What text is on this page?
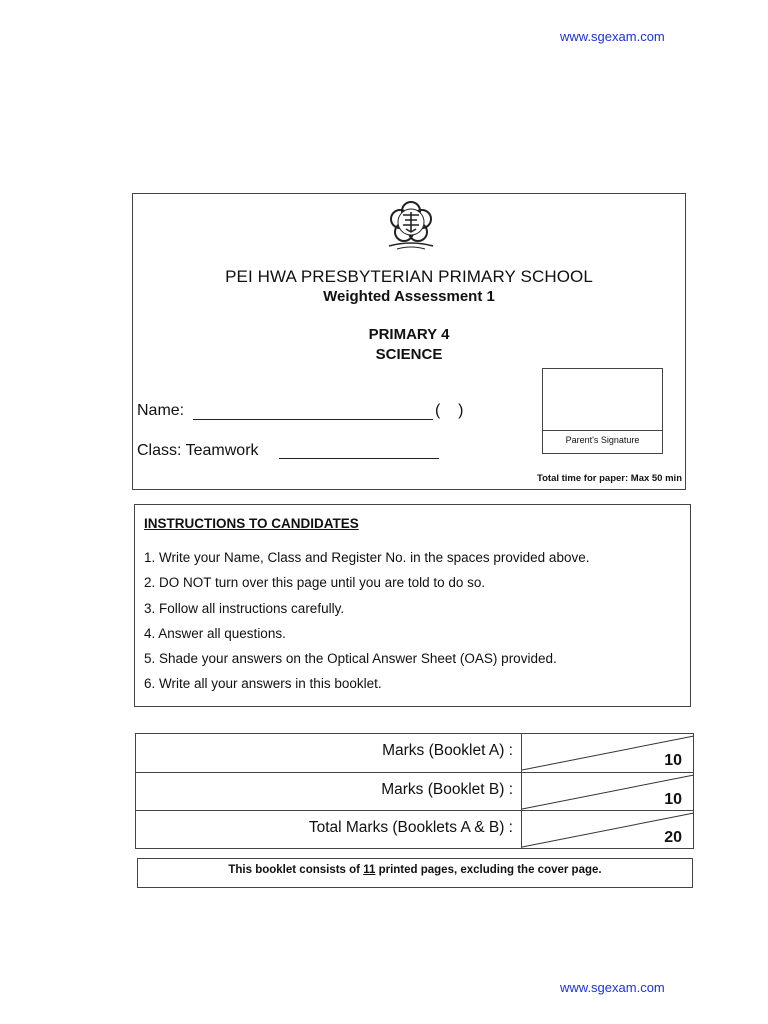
www.sgexam.com
PEI HWA PRESBYTERIAN PRIMARY SCHOOL
Weighted Assessment 1
PRIMARY 4
SCIENCE
Name:	(    )
Class: Teamwork
Parent's Signature
Total time for paper: Max 50 min
INSTRUCTIONS TO CANDIDATES
1. Write your Name, Class and Register No. in the spaces provided above.
2. DO NOT turn over this page until you are told to do so.
3. Follow all instructions carefully.
4. Answer all questions.
5. Shade your answers on the Optical Answer Sheet (OAS) provided.
6. Write all your answers in this booklet.
Marks (Booklet A) :
10
Marks (Booklet B) :
10
Total Marks (Booklets A & B) :
20
This booklet consists of 11 printed pages, excluding the cover page.
www.sgexam.com
